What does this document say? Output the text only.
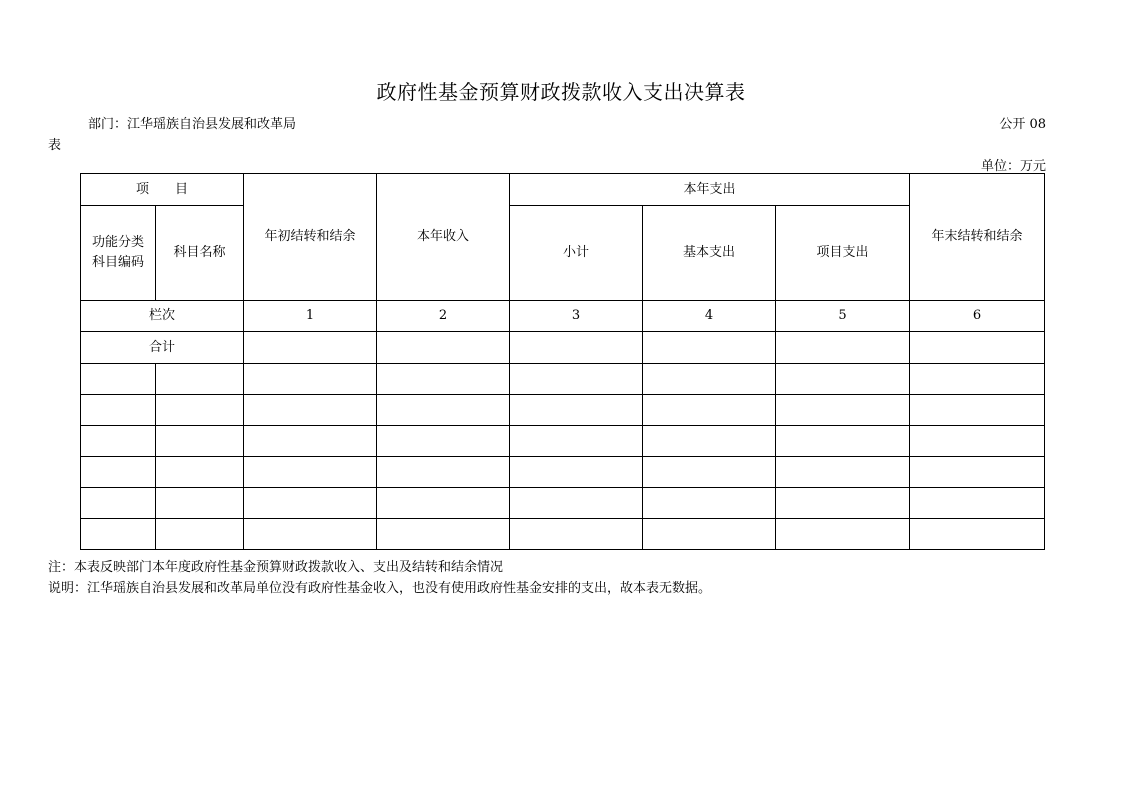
政府性基金预算财政拨款收入支出决算表
部门：江华瑶族自治县发展和改革局	公开 08
表
单位：万元
项　　目		年初结转和结余	本年收入	本年支出			年末结转和结余
功能分类科目编码	科目名称			小计	基本支出	项目支出	
栏次		1	2	3	4	5	6
合计							

注：本表反映部门本年度政府性基金预算财政拨款收入、支出及结转和结余情况
说明：江华瑶族自治县发展和改革局单位没有政府性基金收入，也没有使用政府性基金安排的支出，故本表无数据。
